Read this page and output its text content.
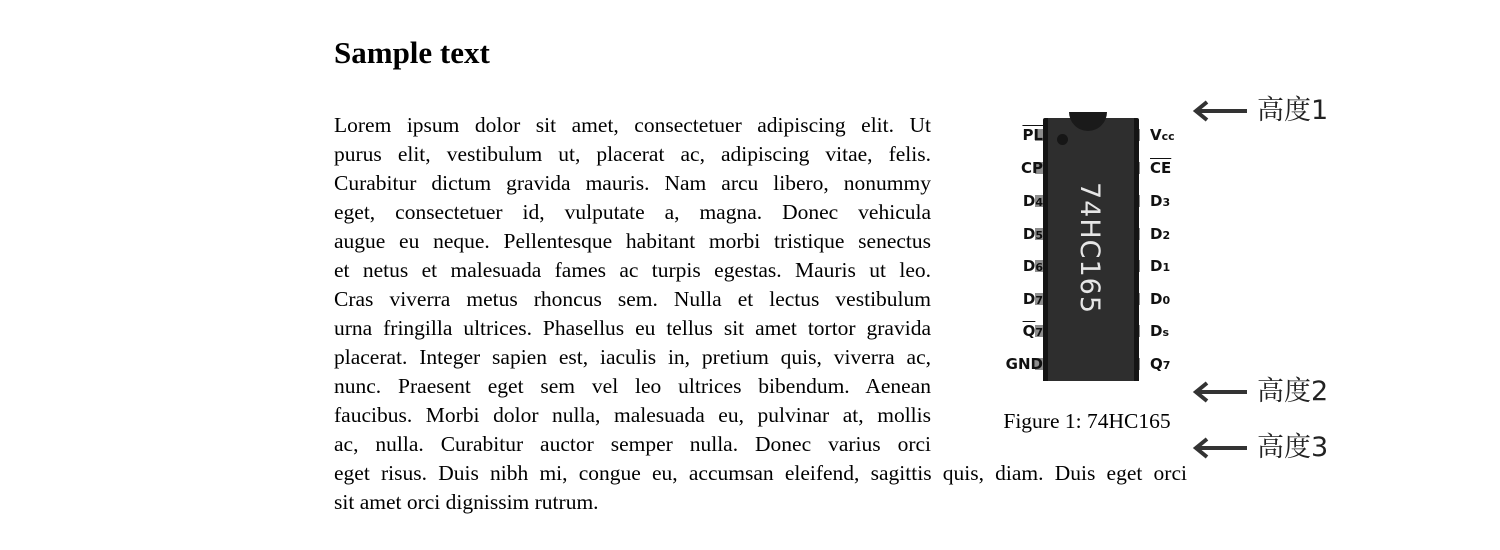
Sample text
Lorem ipsum dolor sit amet, consectetuer adipiscing elit. Ut
purus elit, vestibulum ut, placerat ac, adipiscing vitae, felis.
Curabitur dictum gravida mauris. Nam arcu libero, nonummy
eget, consectetuer id, vulputate a, magna. Donec vehicula
augue eu neque. Pellentesque habitant morbi tristique senectus
et netus et malesuada fames ac turpis egestas. Mauris ut leo.
Cras viverra metus rhoncus sem. Nulla et lectus vestibulum
urna fringilla ultrices. Phasellus eu tellus sit amet tortor gravida
placerat. Integer sapien est, iaculis in, pretium quis, viverra ac,
nunc. Praesent eget sem vel leo ultrices bibendum. Aenean
faucibus. Morbi dolor nulla, malesuada eu, pulvinar at, mollis
ac, nulla. Curabitur auctor semper nulla. Donec varius orci
eget risus. Duis nibh mi, congue eu, accumsan eleifend, sagittis quis, diam. Duis eget orci
sit amet orci dignissim rutrum.
74HC165
$\overline{PL}$
CP
D4
D5
D6
D7
$\overline{Q}7$
GND
Vcc
$\overline{CE}$
D3
D2
D1
D0
Ds
Q7
Figure 1: 74HC165
高度1
高度2
高度3
